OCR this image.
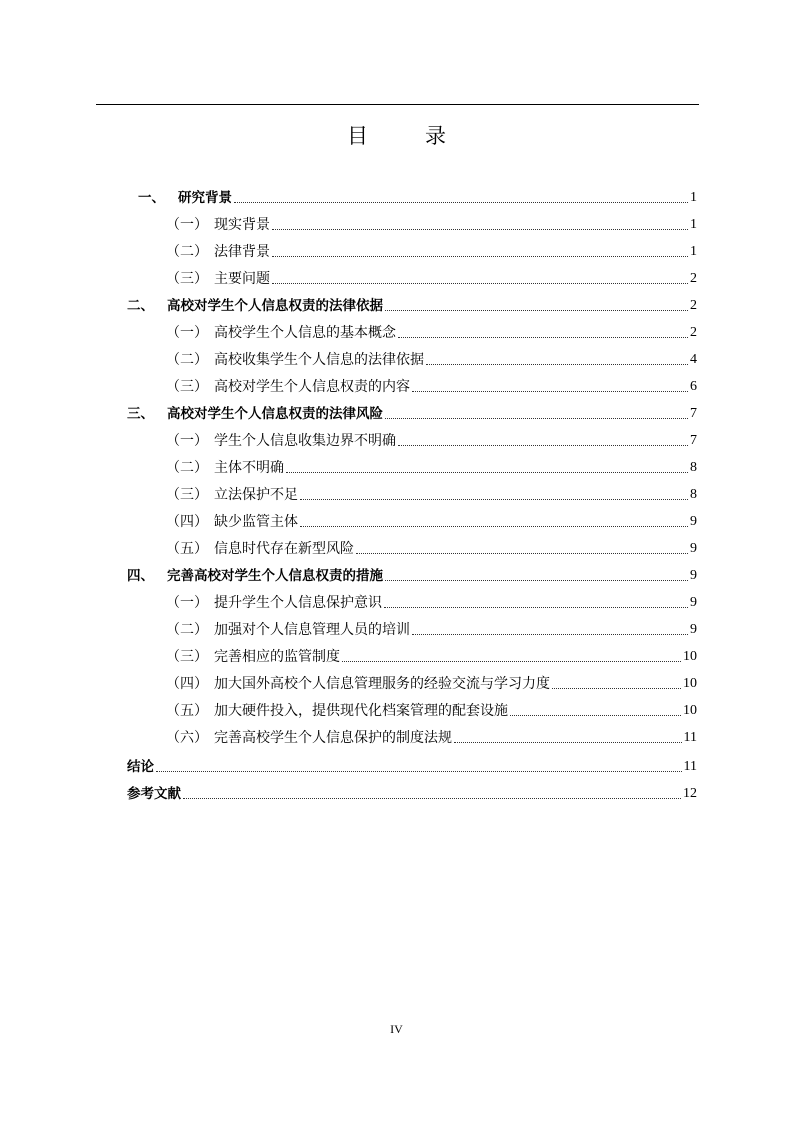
目　录
一、 研究背景	1
（一） 现实背景	1
（二） 法律背景	1
（三） 主要问题	2
二、 高校对学生个人信息权责的法律依据	2
（一） 高校学生个人信息的基本概念	2
（二） 高校收集学生个人信息的法律依据	4
（三） 高校对学生个人信息权责的内容	6
三、 高校对学生个人信息权责的法律风险	7
（一） 学生个人信息收集边界不明确	7
（二） 主体不明确	8
（三） 立法保护不足	8
（四） 缺少监管主体	9
（五） 信息时代存在新型风险	9
四、 完善高校对学生个人信息权责的措施	9
（一） 提升学生个人信息保护意识	9
（二） 加强对个人信息管理人员的培训	9
（三） 完善相应的监管制度	10
（四） 加大国外高校个人信息管理服务的经验交流与学习力度	10
（五） 加大硬件投入，提供现代化档案管理的配套设施	10
（六） 完善高校学生个人信息保护的制度法规	11
结论	11
参考文献	12
IV
